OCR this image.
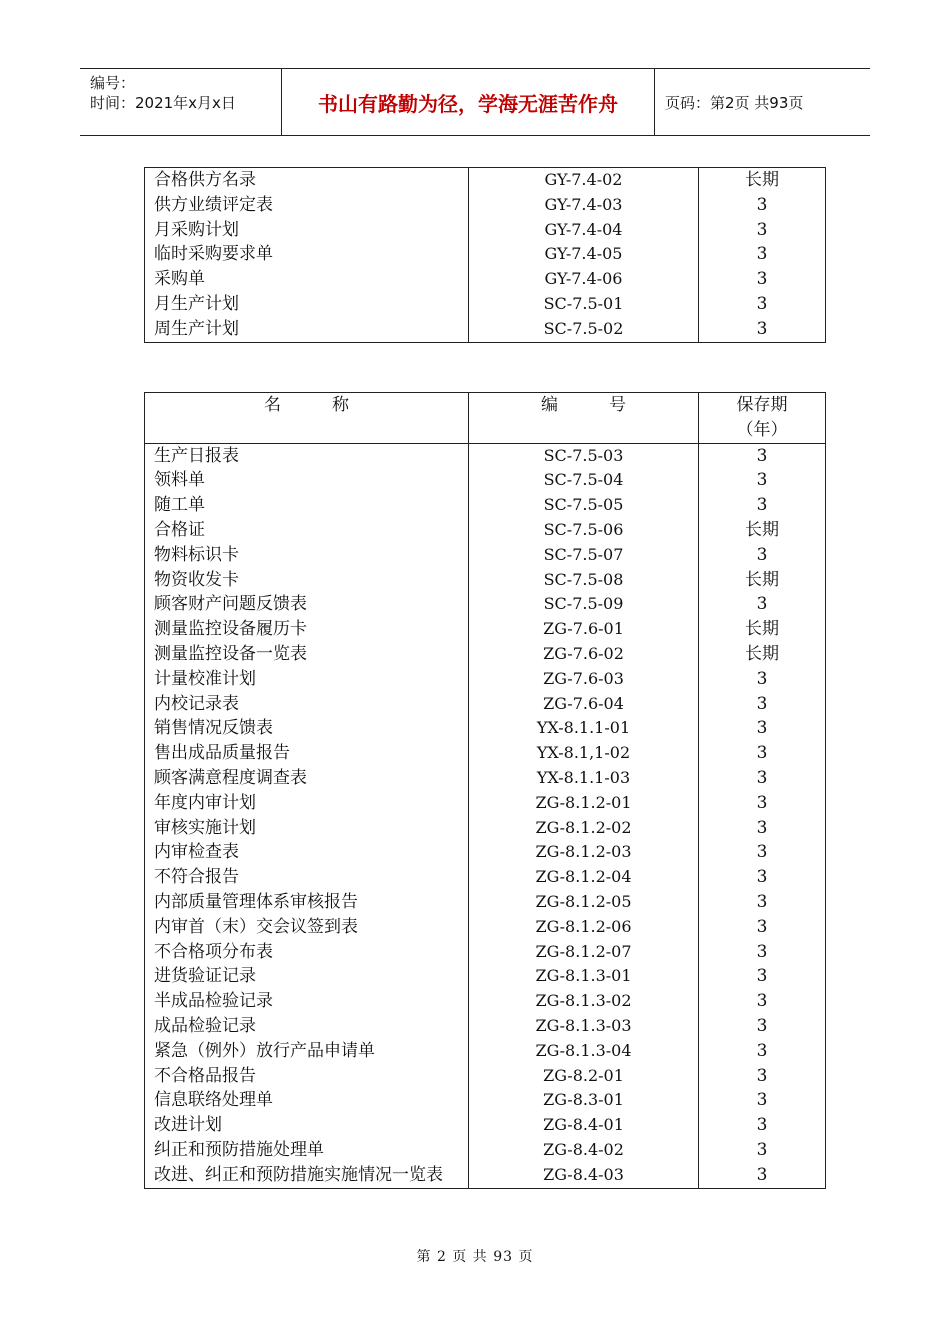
编号：
时间：2021年x月x日	书山有路勤为径，学海无涯苦作舟	页码：第2页 共93页
合格供方名录	GY-7.4-02	长期
供方业绩评定表	GY-7.4-03	3
月采购计划	GY-7.4-04	3
临时采购要求单	GY-7.4-05	3
采购单	GY-7.4-06	3
月生产计划	SC-7.5-01	3
周生产计划	SC-7.5-02	3
名　　　称	编　　　号	保存期
（年）

生产日报表	SC-7.5-03	3
领料单	SC-7.5-04	3
随工单	SC-7.5-05	3
合格证	SC-7.5-06	长期
物料标识卡	SC-7.5-07	3
物资收发卡	SC-7.5-08	长期
顾客财产问题反馈表	SC-7.5-09	3
测量监控设备履历卡	ZG-7.6-01	长期
测量监控设备一览表	ZG-7.6-02	长期
计量校准计划	ZG-7.6-03	3
内校记录表	ZG-7.6-04	3
销售情况反馈表	YX-8.1.1-01	3
售出成品质量报告	YX-8.1,1-02	3
顾客满意程度调查表	YX-8.1.1-03	3
年度内审计划	ZG-8.1.2-01	3
审核实施计划	ZG-8.1.2-02	3
内审检查表	ZG-8.1.2-03	3
不符合报告	ZG-8.1.2-04	3
内部质量管理体系审核报告	ZG-8.1.2-05	3
内审首（末）交会议签到表	ZG-8.1.2-06	3
不合格项分布表	ZG-8.1.2-07	3
进货验证记录	ZG-8.1.3-01	3
半成品检验记录	ZG-8.1.3-02	3
成品检验记录	ZG-8.1.3-03	3
紧急（例外）放行产品申请单	ZG-8.1.3-04	3
不合格品报告	ZG-8.2-01	3
信息联络处理单	ZG-8.3-01	3
改进计划	ZG-8.4-01	3
纠正和预防措施处理单	ZG-8.4-02	3
改进、纠正和预防措施实施情况一览表	ZG-8.4-03	3
第 2 页 共 93 页
